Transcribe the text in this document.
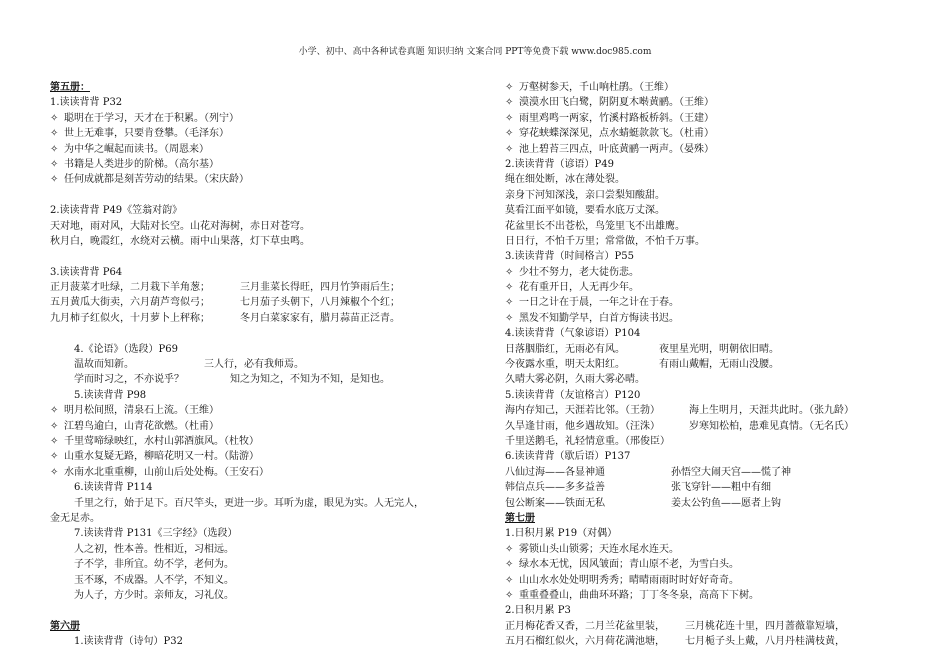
小学、初中、高中各种试卷真题 知识归纳 文案合同 PPT等免费下载 www.doc985.com
第五册：
1.读读背背 P32
✧ 聪明在于学习，天才在于积累。（列宁）
✧ 世上无难事，只要肯登攀。（毛泽东）
✧ 为中华之崛起而读书。（周恩来）
✧ 书籍是人类进步的阶梯。（高尔基）
✧ 任何成就都是刻苦劳动的结果。（宋庆龄）
2.读读背背 P49《笠翁对韵》
天对地，雨对风，大陆对长空。山花对海树，赤日对苍穹。
秋月白，晚霞红，水绕对云横。雨中山果落，灯下草虫鸣。
3.读读背背 P64
正月菠菜才吐绿，二月栽下羊角葱；	三月韭菜长得旺，四月竹笋雨后生；
五月黄瓜大街卖，六月葫芦弯似弓；	七月茄子头朝下，八月辣椒个个红；
九月柿子红似火，十月萝卜上秤称；	冬月白菜家家有，腊月蒜苗正泛青。
4.《论语》（选段）P69
温故而知新。	三人行，必有我师焉。
学而时习之，不亦说乎？	知之为知之，不知为不知，是知也。
5.读读背背 P98
✧ 明月松间照，清泉石上流。（王维）
✧ 江碧鸟逾白，山青花欲燃。（杜甫）
✧ 千里莺啼绿映红，水村山郭酒旗风。（杜牧）
✧ 山重水复疑无路，柳暗花明又一村。（陆游）
✧ 水南水北重重柳，山前山后处处梅。（王安石）
6.读读背背 P114
千里之行，始于足下。百尺竿头，更进一步。耳听为虚，眼见为实。人无完人，
金无足赤。
7.读读背背 P131《三字经》（选段）
人之初，性本善。性相近，习相远。
子不学，非所宜。幼不学，老何为。
玉不琢，不成器。人不学，不知义。
为人子，方少时。亲师友，习礼仪。
第六册
1.读读背背（诗句）P32
✧ 万壑树参天，千山响杜鹃。（王维）
✧ 漠漠水田飞白鹭，阴阴夏木啭黄鹂。（王维）
✧ 雨里鸡鸣一两家，竹溪村路板桥斜。（王建）
✧ 穿花蛱蝶深深见，点水蜻蜓款款飞。（杜甫）
✧ 池上碧苔三四点，叶底黄鹂一两声。（晏殊）
2.读读背背（谚语）P49
绳在细处断，冰在薄处裂。
亲身下河知深浅，亲口尝梨知酸甜。
莫看江面平如镜，要看水底万丈深。
花盆里长不出苍松，鸟笼里飞不出雄鹰。
日日行，不怕千万里；常常做，不怕千万事。
3.读读背背（时间格言）P55
✧ 少壮不努力，老大徒伤悲。
✧ 花有重开日，人无再少年。
✧ 一日之计在于晨，一年之计在于春。
✧ 黑发不知勤学早，白首方悔读书迟。
4.读读背背（气象谚语）P104
日落胭脂红，无雨必有风。	夜里星光明，明朝依旧晴。
今夜露水重，明天太阳红。	有雨山戴帽，无雨山没腰。
久晴大雾必阴，久雨大雾必晴。
5.读读背背（友谊格言）P120
海内存知己，天涯若比邻。（王勃）	海上生明月，天涯共此时。（张九龄）
久旱逢甘雨，他乡遇故知。（汪洙）	岁寒知松柏，患难见真情。（无名氏）
千里送鹅毛，礼轻情意重。（邢俊臣）
6.读读背背（歇后语）P137
八仙过海——各显神通	孙悟空大闹天宫——慌了神
韩信点兵——多多益善	张飞穿针——粗中有细
包公断案——铁面无私	姜太公钓鱼——愿者上钩
第七册
1.日积月累 P19（对偶）
✧ 雾锁山头山锁雾；天连水尾水连天。
✧ 绿水本无忧，因风皱面；青山原不老，为雪白头。
✧ 山山水水处处明明秀秀；晴晴雨雨时时好好奇奇。
✧ 重重叠叠山，曲曲环环路；丁丁冬冬泉，高高下下树。
2.日积月累 P3
正月梅花香又香，二月兰花盆里装， 三月桃花连十里，四月蔷薇靠短墙，
五月石榴红似火，六月荷花满池塘， 七月栀子头上戴，八月丹桂满枝黄，
